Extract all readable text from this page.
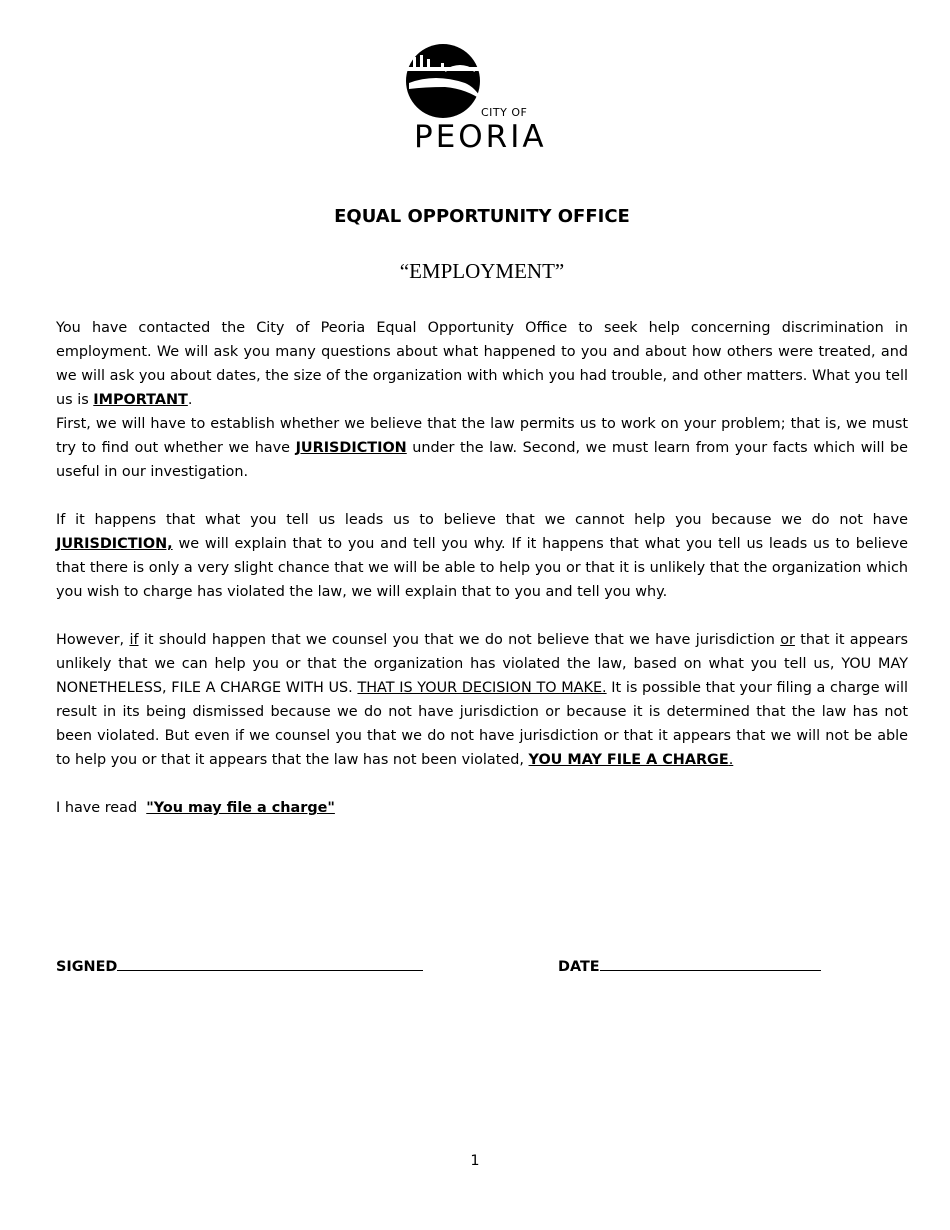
CITY OF
PEORIA
EQUAL OPPORTUNITY OFFICE
“EMPLOYMENT”
You have contacted the City of Peoria Equal Opportunity Office to seek help concerning discrimination in employment. We will ask you many questions about what happened to you and about how others were treated, and we will ask you about dates, the size of the organization with which you had trouble, and other matters. What you tell us is IMPORTANT.
First, we will have to establish whether we believe that the law permits us to work on your problem; that is, we must try to find out whether we have JURISDICTION under the law. Second, we must learn from your facts which will be useful in our investigation.
If it happens that what you tell us leads us to believe that we cannot help you because we do not have JURISDICTION, we will explain that to you and tell you why. If it happens that what you tell us leads us to believe that there is only a very slight chance that we will be able to help you or that it is unlikely that the organization which you wish to charge has violated the law, we will explain that to you and tell you why.
However, if it should happen that we counsel you that we do not believe that we have jurisdiction or that it appears unlikely that we can help you or that the organization has violated the law, based on what you tell us, YOU MAY NONETHELESS, FILE A CHARGE WITH US. THAT IS YOUR DECISION TO MAKE. It is possible that your filing a charge will result in its being dismissed because we do not have jurisdiction or because it is determined that the law has not been violated. But even if we counsel you that we do not have jurisdiction or that it appears that we will not be able to help you or that it appears that the law has not been violated, YOU MAY FILE A CHARGE.
I have read  "You may file a charge"
SIGNED	DATE
1
